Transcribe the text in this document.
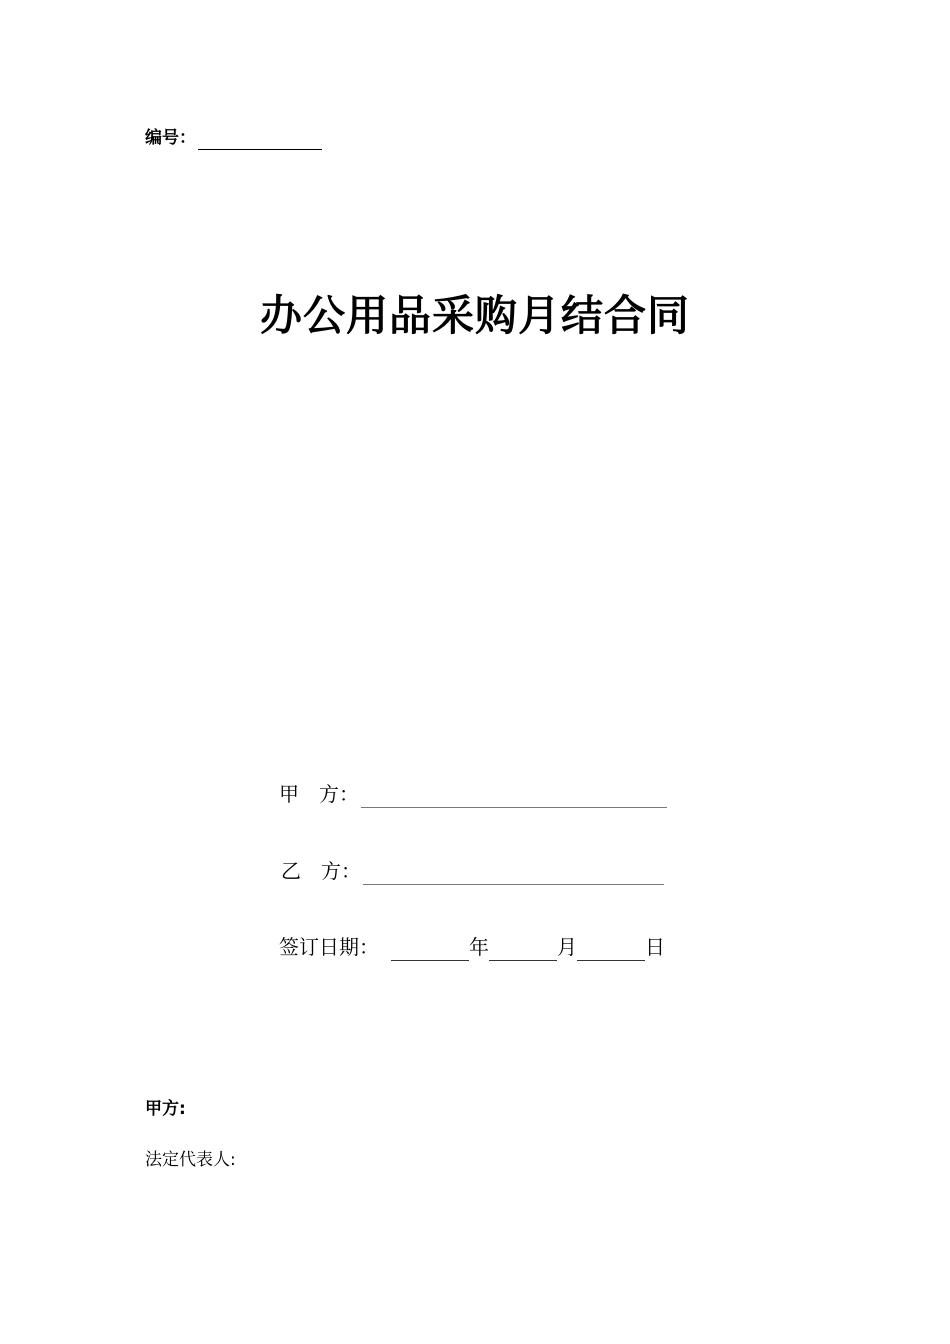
编号：
办公用品采购月结合同
甲　方：
乙　方：
签订日期：	年	月	日
甲方:
法定代表人:
